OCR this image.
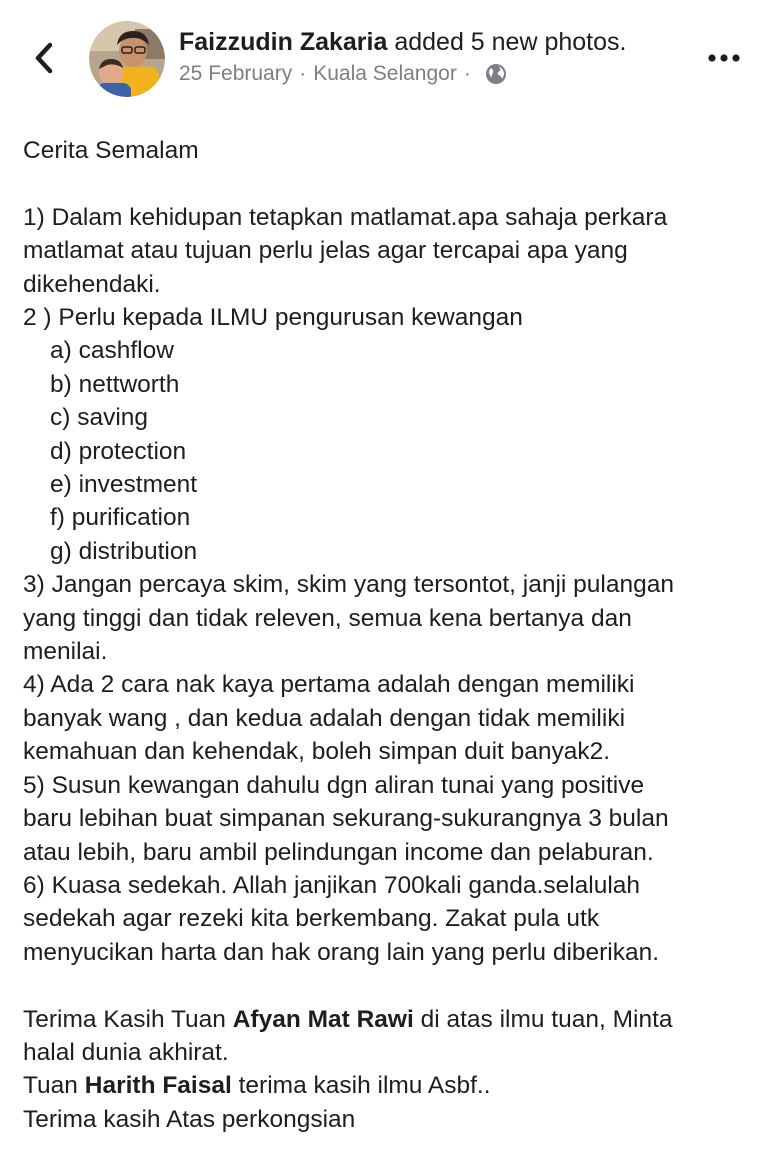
Faizzudin Zakaria added 5 new photos.
25 February · Kuala Selangor ·

Cerita Semalam

1) Dalam kehidupan tetapkan matlamat.apa sahaja perkara

matlamat atau tujuan perlu jelas agar tercapai apa yang

dikehendaki.

2 ) Perlu kepada ILMU pengurusan kewangan

a) cashflow

b) nettworth

c) saving

d) protection

e) investment

f) purification

g) distribution

3) Jangan percaya skim, skim yang tersontot, janji pulangan

yang tinggi dan tidak releven, semua kena bertanya dan

menilai.

4) Ada 2 cara nak kaya pertama adalah dengan memiliki

banyak wang , dan kedua adalah dengan tidak memiliki

kemahuan dan kehendak, boleh simpan duit banyak2.

5) Susun kewangan dahulu dgn aliran tunai yang positive

baru lebihan buat simpanan sekurang-sukurangnya 3 bulan

atau lebih, baru ambil pelindungan income dan pelaburan.

6) Kuasa sedekah. Allah janjikan 700kali ganda.selalulah

sedekah agar rezeki kita berkembang. Zakat pula utk

menyucikan harta dan hak orang lain yang perlu diberikan.

Terima Kasih Tuan Afyan Mat Rawi di atas ilmu tuan, Minta

halal dunia akhirat.

Tuan Harith Faisal terima kasih ilmu Asbf..

Terima kasih Atas perkongsian
